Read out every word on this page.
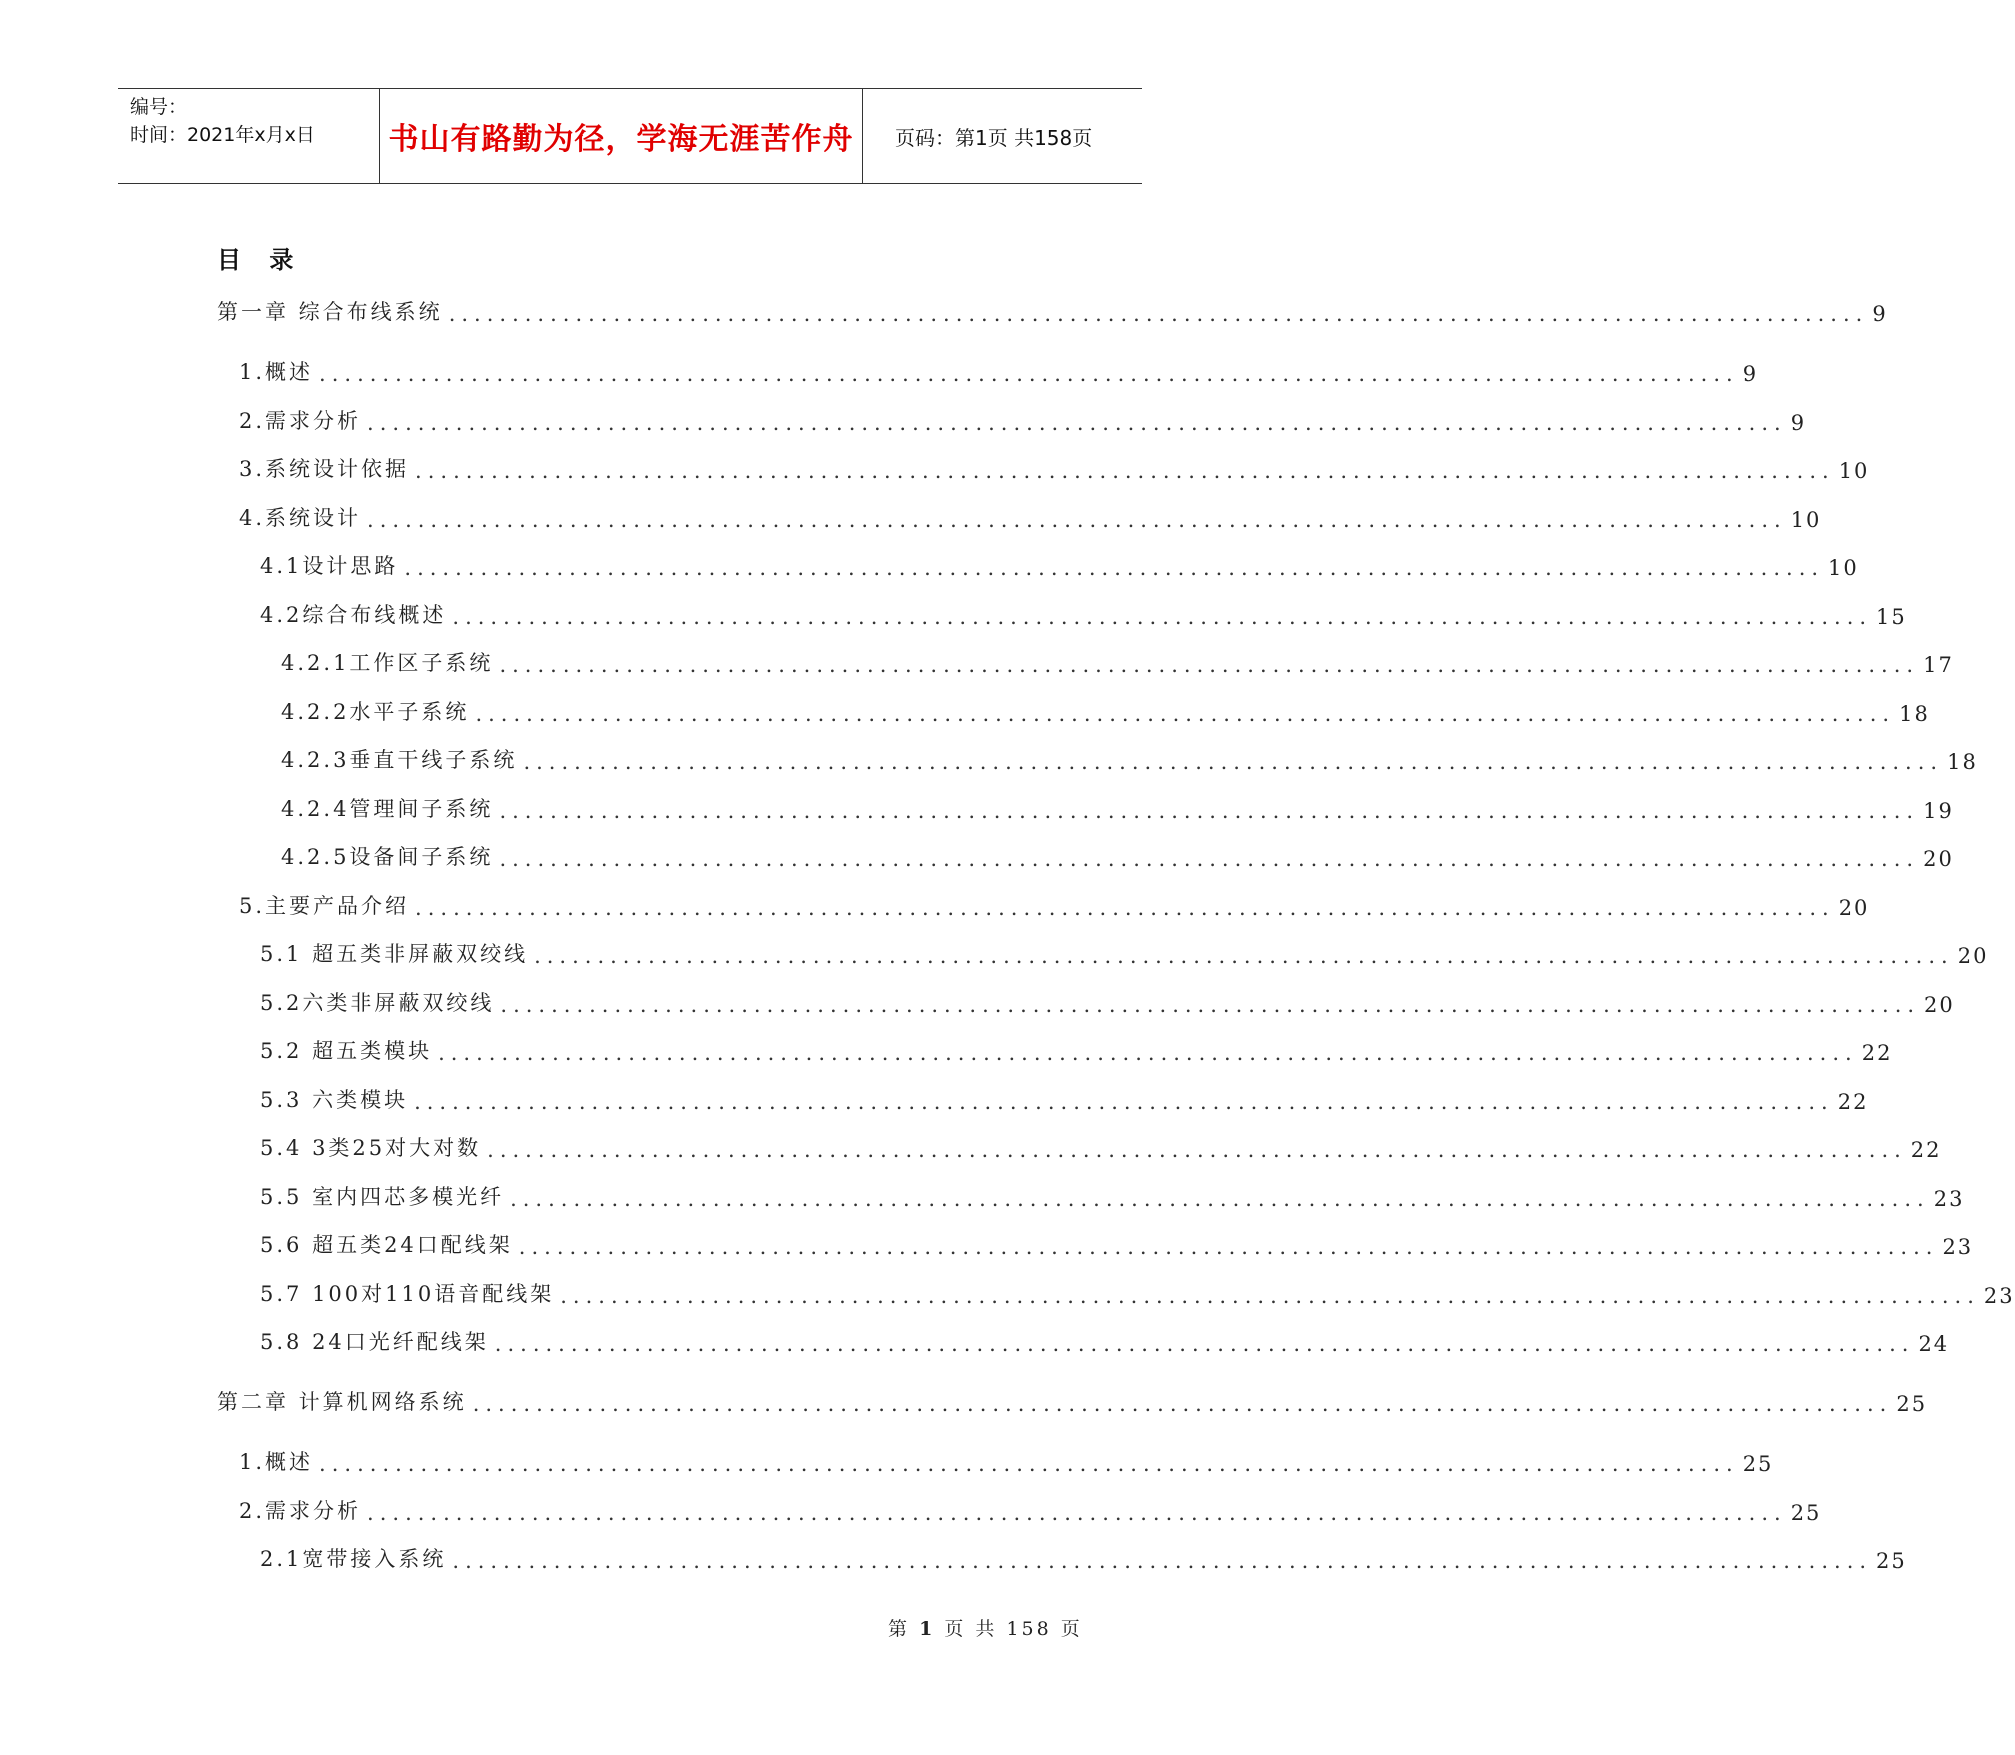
编号：
时间：2021年x月x日 书山有路勤为径，学海无涯苦作舟	页码：第1页 共158页
目 录
第一章 综合布线系统 ................................................................................................................ 9
1.概述 ................................................................................................................ 9
2.需求分析 ................................................................................................................ 9
3.系统设计依据 ................................................................................................................ 10
4.系统设计 ................................................................................................................ 10
4.1设计思路 ................................................................................................................ 10
4.2综合布线概述 ................................................................................................................ 15
4.2.1工作区子系统 ................................................................................................................ 17
4.2.2水平子系统 ................................................................................................................ 18
4.2.3垂直干线子系统 ................................................................................................................ 18
4.2.4管理间子系统 ................................................................................................................ 19
4.2.5设备间子系统 ................................................................................................................ 20
5.主要产品介绍 ................................................................................................................ 20
5.1 超五类非屏蔽双绞线 ................................................................................................................ 20
5.2六类非屏蔽双绞线 ................................................................................................................ 20
5.2 超五类模块 ................................................................................................................ 22
5.3 六类模块 ................................................................................................................ 22
5.4 3类25对大对数 ................................................................................................................ 22
5.5 室内四芯多模光纤 ................................................................................................................ 23
5.6 超五类24口配线架 ................................................................................................................ 23
5.7 100对110语音配线架 ................................................................................................................ 23
5.8 24口光纤配线架 ................................................................................................................ 24
第二章 计算机网络系统 ................................................................................................................ 25
1.概述 ................................................................................................................ 25
2.需求分析 ................................................................................................................ 25
2.1宽带接入系统 ................................................................................................................ 25
第 1 页 共 158 页
